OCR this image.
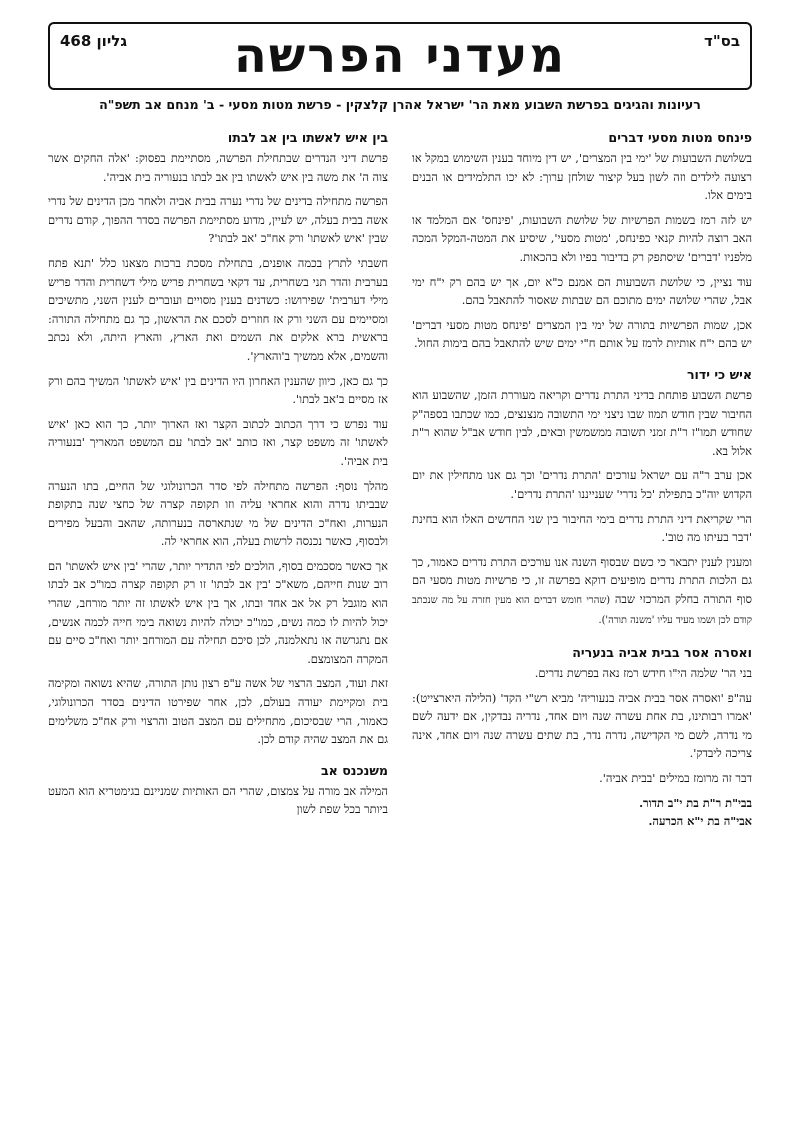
בס"ד
מעדני הפרשה
גליון 468
רעיונות והגיגים בפרשת השבוע מאת הר' ישראל אהרן קלצקין - פרשת מטות מסעי - ב' מנחם אב תשפ"ה
פינחס מטות מסעי דברים

בשלושת השבועות של 'ימי בין המצרים', יש דין מיוחד בענין השימוש במקל או רצועה לילדים וזה לשון בעל קיצור שולחן ערוך: לא יכו התלמידים או הבנים בימים אלו.

יש לזה רמז בשמות הפרשיות של שלושת השבועות, 'פינחס' אם המלמד או האב רוצה להיות קנאי כפינחס, 'מטות מסעי', שיסיע את המטה-המקל המכה מלפניו 'דברים' שיסתפק רק בדיבור בפיו ולא בהכאות.

עוד נציין, כי שלושת השבועות הם אמנם כ"א יום, אך יש בהם רק י"ח ימי אבל, שהרי שלושה ימים מתוכם הם שבתות שאסור להתאבל בהם.

אכן, שמות הפרשיות בתורה של ימי בין המצרים 'פינחס מטות מסעי דברים' יש בהם י"ח אותיות לרמז על אותם ח"י ימים שיש להתאבל בהם בימות החול.

איש כי ידור

פרשת השבוע פותחת בדיני התרת נדרים וקריאה מעוררת הזמן, שהשבוע הוא החיבור שבין חודש תמוז שבו ניצני ימי התשובה מנצנצים, כמו שכתבו בספה"ק שחודש תמו"ז ר"ת זמני תשובה ממשמשין ובאים, לבין חודש אב"ל שהוא ר"ת אלול בא.

אכן ערב ר"ה עם ישראל עורכים 'התרת נדרים' וכך גם אנו מתחילין את יום הקדוש יוה"כ בתפילת 'כל נדרי' שענייננו 'התרת נדרים'.

הרי שקריאת דיני התרת נדרים בימי החיבור בין שני החדשים האלו הוא בחינת 'דבר בעיתו מה טוב'.

ומענין לענין יתבאר כי כשם שבסוף השנה אנו עורכים התרת נדרים כאמור, כך גם הלכות התרת נדרים מופיעים דוקא בפרשה זו, כי פרשיות מטות מסעי הם סוף התורה בחלק המרכזי שבה (שהרי חומש דברים הוא מעין חזרה על מה שנכתב קודם לכן ושמו מעיד עליו 'משנה תורה').

ואסרה אסר בבית אביה בנעריה

בני הר' שלמה הי"ו חידש רמז נאה בפרשת נדרים.

עה"פ 'ואסרה אסר בבית אביה בנעוריה' מביא רש"י הקד' (הלילה היארצייט): 'אמרו רבותינו, בת אחת עשרה שנה ויום אחד, נדריה נבדקין, אם ידעה לשם מי נדרה, לשם מי הקדישה, נדרה נדר, בת שתים עשרה שנה ויום אחד, אינה צריכה ליבדק'.

דבר זה מרומז במילים 'בבית אביה'.

בבי"ת ר"ת בת י"ב תדור.

אבי"ה בת י"א הכרעה.

בין איש לאשתו בין אב לבתו

פרשת דיני הנדרים שבתחילת הפרשה, מסתיימת בפסוק: 'אלה החקים אשר צוה ה' את משה בין איש לאשתו בין אב לבתו בנעוריה בית אביה'.

הפרשה מתחילה בדינים של נדרי נערה בבית אביה ולאחר מכן הדינים של נדרי אשה בבית בעלה, יש לעיין, מדוע מסתיימת הפרשה בסדר ההפוך, קודם נדרים שבין 'איש לאשתו' ורק אח"כ 'אב לבתו'?

חשבתי לתרץ בכמה אופנים, בתחילת מסכת ברכות מצאנו כלל 'תנא פתח בערבית והדר תני בשחרית, עד דקאי בשחרית פריש מילי דשחרית והדר פריש מילי דערבית' שפירושו: כשדנים בענין מסויים ועוברים לענין השני, מתשיכים ומסיימים עם השני ורק אז חוזרים לסכם את הראשון, כך גם מתחילה התורה: בראשית ברא אלקים את השמים ואת הארץ, והארץ היתה, ולא נכתב והשמים, אלא ממשיך ב'והארץ'.

כך גם כאן, כיוון שהענין האחרון היו הדינים בין 'איש לאשתו' המשיך בהם ורק אז מסיים ב'אב לבתו'.

עוד נפרש כי דרך הכתוב לכתוב הקצר ואז הארוך יותר, כך הוא כאן 'איש לאשתו' זה משפט קצר, ואז כותב 'אב לבתו' עם המשפט המאריך 'בנעוריה בית אביה'.

מהלך נוסף: הפרשה מתחילה לפי סדר הכרונולוגי של החיים, בתו הנערה שבביתו נדרה והוא אחראי עליה וזו תקופה קצרה של כחצי שנה בתקופת הנערות, ואח"כ הדינים של מי שנתארסה בנערותה, שהאב והבעל מפירים ולבסוף, כאשר נכנסה לרשות בעלה, הוא אחראי לה.

אך כאשר מסכמים בסוף, הולכים לפי התדיר יותר, שהרי 'בין איש לאשתו' הם רוב שנות חייהם, משא"כ 'בין אב לבתו' זו רק תקופה קצרה כמו"כ אב לבתו הוא מוגבל רק אל אב אחד ובתו, אך בין איש לאשתו זה יותר מורחב, שהרי יכול להיות לו כמה נשים, כמו"כ יכולה להיות נשואה בימי חייה לכמה אנשים, אם נתגרשה או נתאלמנה, לכן סיכם תחילה עם המורחב יותר ואח"כ סיים עם המקרה המצומצם.

זאת ועוד, המצב הרצוי של אשה ע"פ רצון נותן התורה, שהיא נשואה ומקימה בית ומקיימת יעודה בעולם, לכן, אחר שפירטו הדינים בסדר הכרונולוגי, כאמור, הרי שבסיכום, מתחילים עם המצב הטוב והרצוי ורק אח"כ משלימים גם את המצב שהיה קודם לכן.

משנכנס אב

המילה אב מורה על צמצום, שהרי הם האותיות שמניינם בגימטריא הוא המעט ביותר בכל שפת לשון
